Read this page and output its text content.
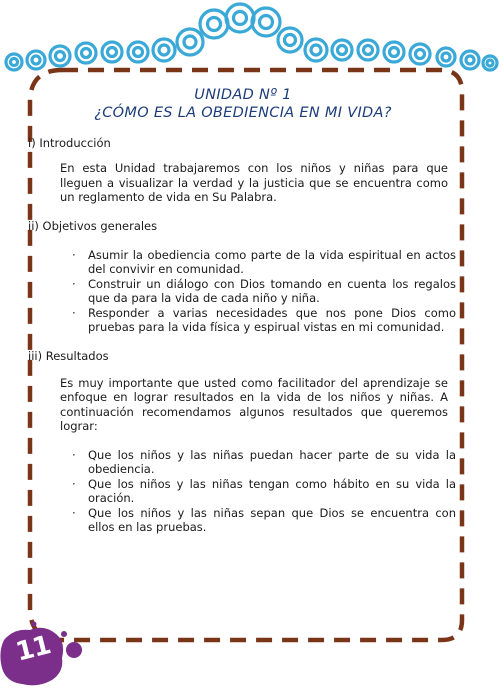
UNIDAD Nº 1
¿CÓMO ES LA OBEDIENCIA EN MI VIDA?
i) Introducción

En esta Unidad trabajaremos con los niños y niñas para que lleguen a visualizar la verdad y la justicia que se encuentra como un reglamento de vida en Su Palabra.

ii) Objetivos generales
·	Asumir la obediencia como parte de la vida espiritual en actos del convivir en comunidad.
·	Construir un diálogo con Dios tomando en cuenta los regalos que da para la vida de cada niño y niña.
·	Responder a varias necesidades que nos pone Dios como pruebas para la vida física y espirual vistas en mi comunidad.
iii) Resultados

Es muy importante que usted como facilitador del aprendizaje se enfoque en lograr resultados en la vida de los niños y niñas. A continuación recomendamos algunos resultados que queremos lograr:

·	Que los niños y las niñas puedan hacer parte de su vida la obediencia.
·	Que los niños y las niñas tengan como hábito en su vida la oración.
·	Que los niños y las niñas sepan que Dios se encuentra con ellos en las pruebas.
11
